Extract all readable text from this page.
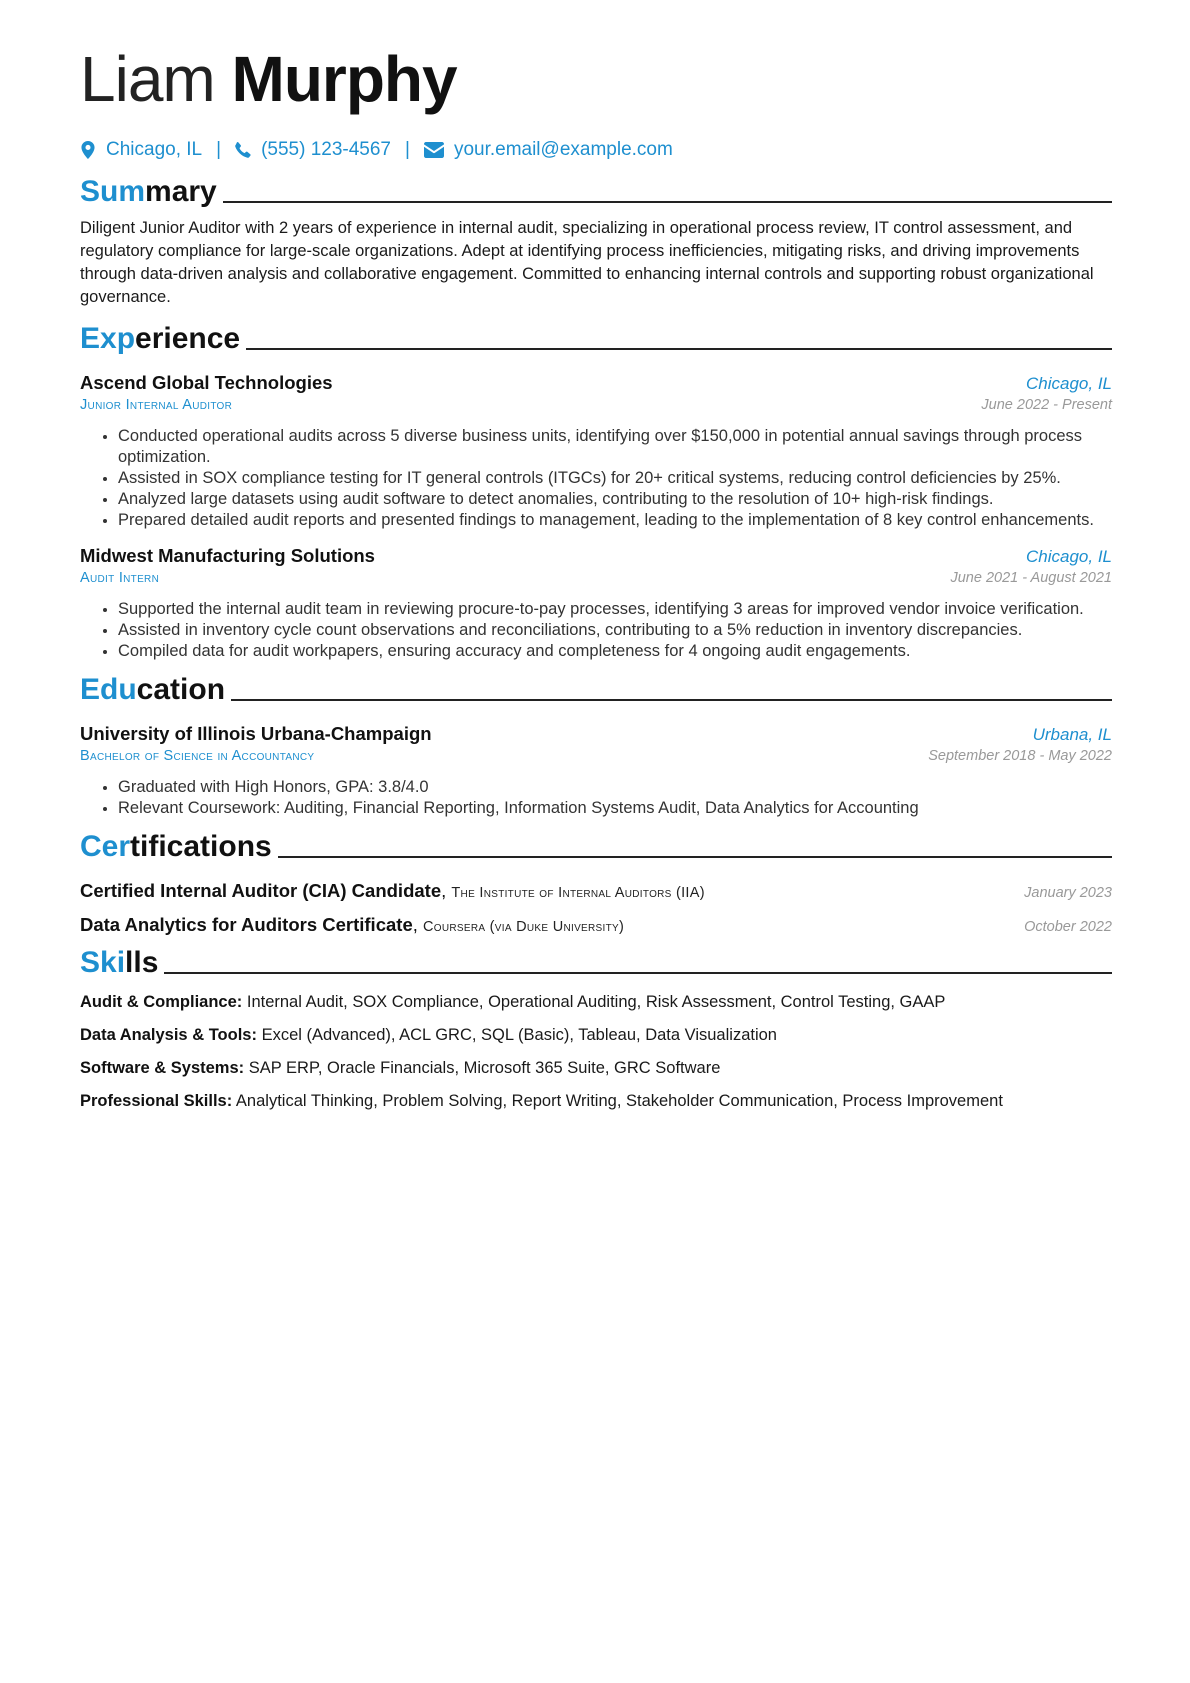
Liam Murphy
Chicago, IL | (555) 123-4567 | your.email@example.com
Summary

Diligent Junior Auditor with 2 years of experience in internal audit, specializing in operational process review, IT control assessment, and regulatory compliance for large-scale organizations. Adept at identifying process inefficiencies, mitigating risks, and driving improvements through data-driven analysis and collaborative engagement. Committed to enhancing internal controls and supporting robust organizational governance.

Experience
Ascend Global Technologies	Chicago, IL
Junior Internal Auditor	June 2022 - Present
• Conducted operational audits across 5 diverse business units, identifying over $150,000 in potential annual savings through process optimization.
• Assisted in SOX compliance testing for IT general controls (ITGCs) for 20+ critical systems, reducing control deficiencies by 25%.
• Analyzed large datasets using audit software to detect anomalies, contributing to the resolution of 10+ high-risk findings.
• Prepared detailed audit reports and presented findings to management, leading to the implementation of 8 key control enhancements.
Midwest Manufacturing Solutions	Chicago, IL
Audit Intern	June 2021 - August 2021
• Supported the internal audit team in reviewing procure-to-pay processes, identifying 3 areas for improved vendor invoice verification.
• Assisted in inventory cycle count observations and reconciliations, contributing to a 5% reduction in inventory discrepancies.
• Compiled data for audit workpapers, ensuring accuracy and completeness for 4 ongoing audit engagements.
Education
University of Illinois Urbana-Champaign	Urbana, IL
Bachelor of Science in Accountancy	September 2018 - May 2022
• Graduated with High Honors, GPA: 3.8/4.0
• Relevant Coursework: Auditing, Financial Reporting, Information Systems Audit, Data Analytics for Accounting
Certifications
Certified Internal Auditor (CIA) Candidate, The Institute of Internal Auditors (IIA)	January 2023
Data Analytics for Auditors Certificate, Coursera (via Duke University)	October 2022
Skills
Audit & Compliance: Internal Audit, SOX Compliance, Operational Auditing, Risk Assessment, Control Testing, GAAP
Data Analysis & Tools: Excel (Advanced), ACL GRC, SQL (Basic), Tableau, Data Visualization
Software & Systems: SAP ERP, Oracle Financials, Microsoft 365 Suite, GRC Software
Professional Skills: Analytical Thinking, Problem Solving, Report Writing, Stakeholder Communication, Process Improvement
